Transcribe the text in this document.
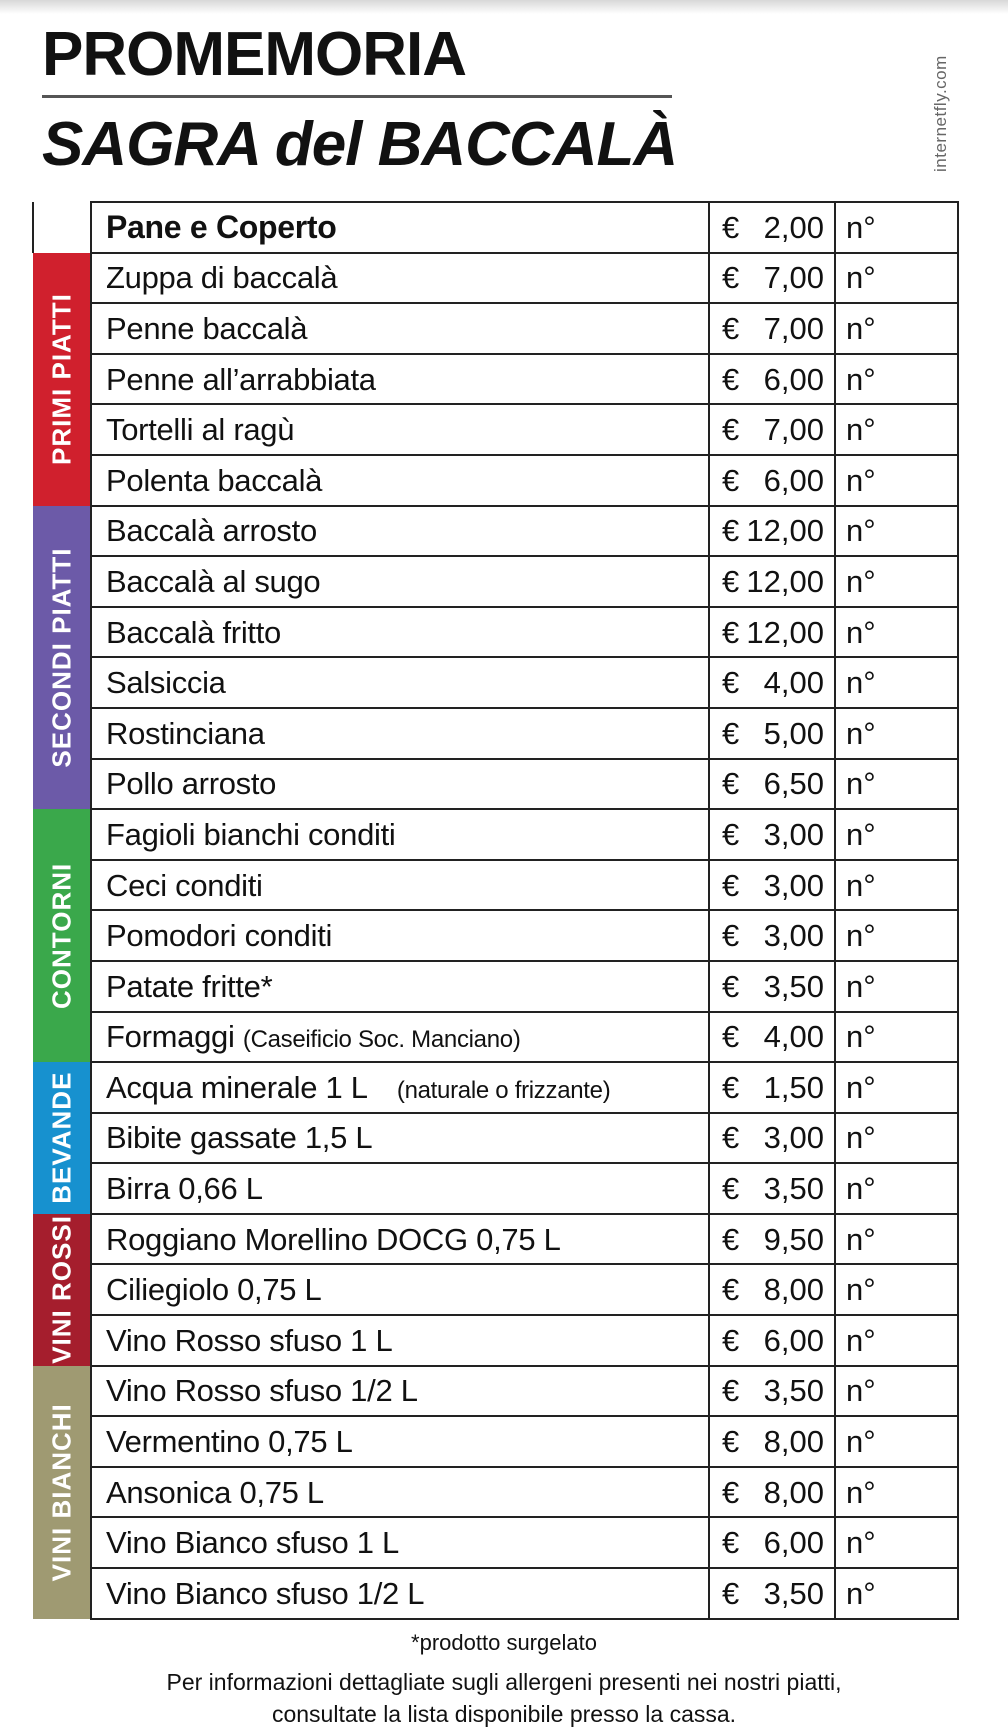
PROMEMORIA
SAGRA del BACCALÀ	internetfly.com
	Pane e Coperto	€ 2,00	n°

PRIMI PIATTI	Zuppa di baccalà	€ 7,00	n°
	Penne baccalà	€ 7,00	n°
	Penne all’arrabbiata	€ 6,00	n°
	Tortelli al ragù	€ 7,00	n°
	Polenta baccalà	€ 6,00	n°

SECONDI PIATTI	Baccalà arrosto	€ 12,00	n°
	Baccalà al sugo	€ 12,00	n°
	Baccalà fritto	€ 12,00	n°
	Salsiccia	€ 4,00	n°
	Rostinciana	€ 5,00	n°
	Pollo arrosto	€ 6,50	n°

CONTORNI	Fagioli bianchi conditi	€ 3,00	n°
	Ceci conditi	€ 3,00	n°
	Pomodori conditi	€ 3,00	n°
	Patate fritte*	€ 3,50	n°
	Formaggi (Caseificio Soc. Manciano)	€ 4,00	n°

BEVANDE	Acqua minerale 1 L (naturale o frizzante)	€ 1,50	n°
	Bibite gassate 1,5 L	€ 3,00	n°
	Birra 0,66 L	€ 3,50	n°

VINI ROSSI	Roggiano Morellino DOCG 0,75 L	€ 9,50	n°
	Ciliegiolo 0,75 L	€ 8,00	n°
	Vino Rosso sfuso 1 L	€ 6,00	n°

VINI BIANCHI	Vino Rosso sfuso 1/2 L	€ 3,50	n°
	Vermentino 0,75 L	€ 8,00	n°
	Ansonica 0,75 L	€ 8,00	n°
	Vino Bianco sfuso 1 L	€ 6,00	n°
	Vino Bianco sfuso 1/2 L	€ 3,50	n°
*prodotto surgelato
Per informazioni dettagliate sugli allergeni presenti nei nostri piatti,
consultate la lista disponibile presso la cassa.
